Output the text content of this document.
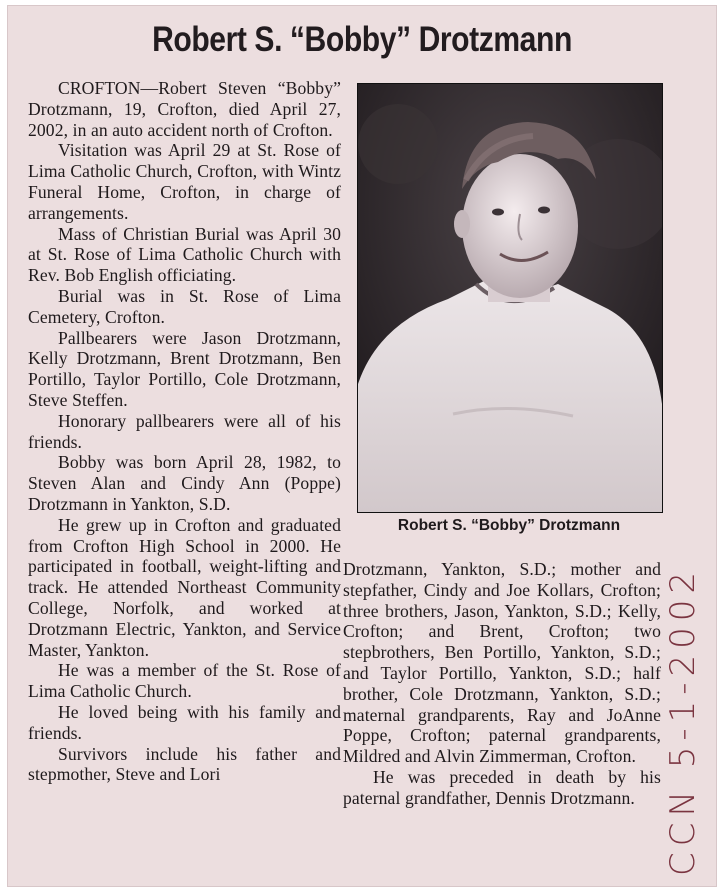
Robert S. “Bobby” Drotzmann

CROFTON—Robert Steven “Bobby” Drotzmann, 19, Crofton, died April 27, 2002, in an auto accident north of Crofton.

Visitation was April 29 at St. Rose of Lima Catholic Church, Crofton, with Wintz Funeral Home, Crofton, in charge of arrangements.

Mass of Christian Burial was April 30 at St. Rose of Lima Catholic Church with Rev. Bob English officiating.

Burial was in St. Rose of Lima Cemetery, Crofton.

Pallbearers were Jason Drotzmann, Kelly Drotzmann, Brent Drotzmann, Ben Portillo, Taylor Portillo, Cole Drotzmann, Steve Steffen.

Honorary pallbearers were all of his friends.

Bobby was born April 28, 1982, to Steven Alan and Cindy Ann (Poppe) Drotzmann in Yankton, S.D.

He grew up in Crofton and graduated from Crofton High School in 2000. He participated in football, weight-lifting and track. He attended Northeast Community College, Norfolk, and worked at Drotzmann Electric, Yankton, and Service Master, Yankton.

He was a member of the St. Rose of Lima Catholic Church.

He loved being with his family and friends.

Survivors include his father and stepmother, Steve and Lori

Robert S. “Bobby” Drotzmann

Drotzmann, Yankton, S.D.; mother and stepfather, Cindy and Joe Kollars, Crofton; three brothers, Jason, Yankton, S.D.; Kelly, Crofton; and Brent, Crofton; two stepbrothers, Ben Portillo, Yankton, S.D.; and Taylor Portillo, Yankton, S.D.; half brother, Cole Drotzmann, Yankton, S.D.; maternal grandparents, Ray and JoAnne Poppe, Crofton; paternal grandparents, Mildred and Alvin Zimmerman, Crofton.

He was preceded in death by his paternal grandfather, Dennis Drotzmann. CCN 5-1-2002
